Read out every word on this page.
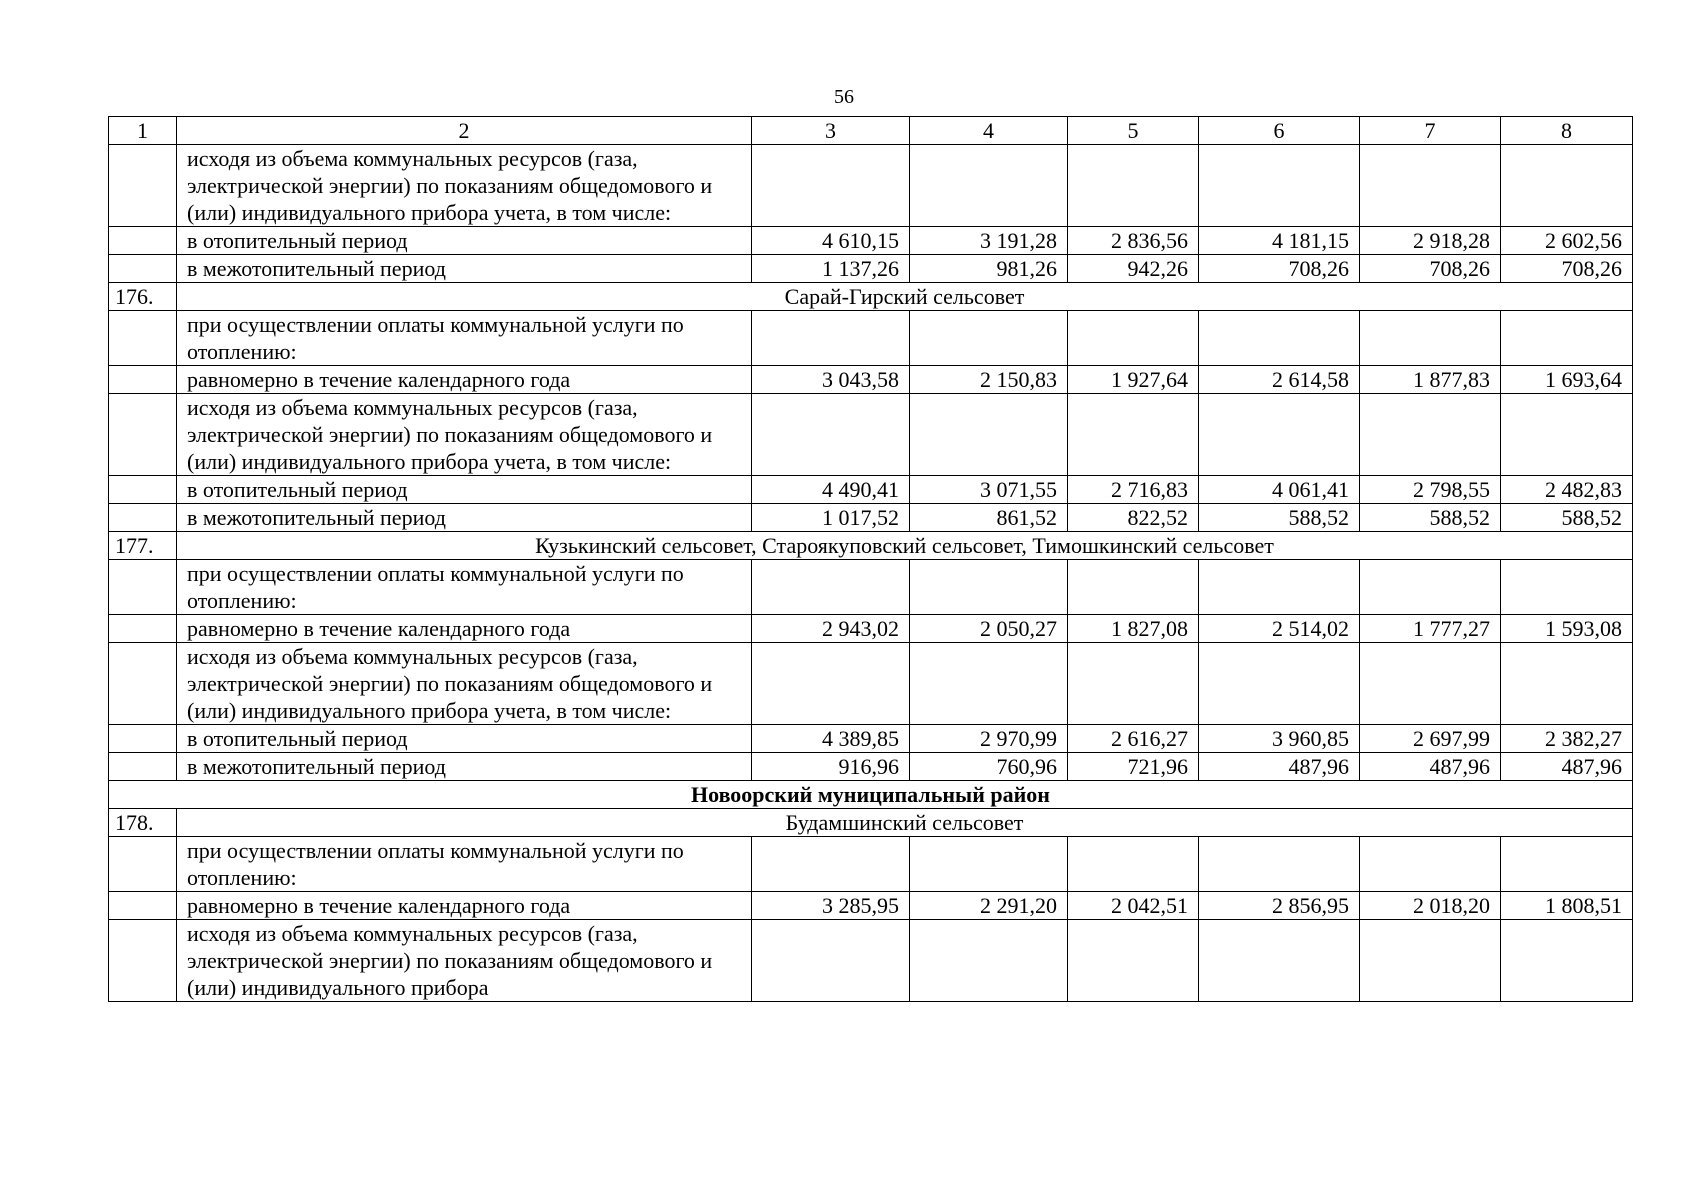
56
1	2	3	4	5	6	7	8
	исходя из объема коммунальных ресурсов (газа, электрической энергии) по показаниям общедомового и (или) индивидуального прибора учета, в том числе:						
	в отопительный период	4 610,15	3 191,28	2 836,56	4 181,15	2 918,28	2 602,56
	в межотопительный период	1 137,26	981,26	942,26	708,26	708,26	708,26
176.	Сарай-Гирский сельсовет						
	при осуществлении оплаты коммунальной услуги по отоплению:						
	равномерно в течение календарного года	3 043,58	2 150,83	1 927,64	2 614,58	1 877,83	1 693,64
	исходя из объема коммунальных ресурсов (газа, электрической энергии) по показаниям общедомового и (или) индивидуального прибора учета, в том числе:						
	в отопительный период	4 490,41	3 071,55	2 716,83	4 061,41	2 798,55	2 482,83
	в межотопительный период	1 017,52	861,52	822,52	588,52	588,52	588,52
177.	Кузькинский сельсовет, Староякуповский сельсовет, Тимошкинский сельсовет						
	при осуществлении оплаты коммунальной услуги по отоплению:						
	равномерно в течение календарного года	2 943,02	2 050,27	1 827,08	2 514,02	1 777,27	1 593,08
	исходя из объема коммунальных ресурсов (газа, электрической энергии) по показаниям общедомового и (или) индивидуального прибора учета, в том числе:						
	в отопительный период	4 389,85	2 970,99	2 616,27	3 960,85	2 697,99	2 382,27
	в межотопительный период	916,96	760,96	721,96	487,96	487,96	487,96
Новоорский муниципальный район							
178.	Будамшинский сельсовет						
	при осуществлении оплаты коммунальной услуги по отоплению:						
	равномерно в течение календарного года	3 285,95	2 291,20	2 042,51	2 856,95	2 018,20	1 808,51
	исходя из объема коммунальных ресурсов (газа, электрической энергии) по показаниям общедомового и (или) индивидуального прибора						
